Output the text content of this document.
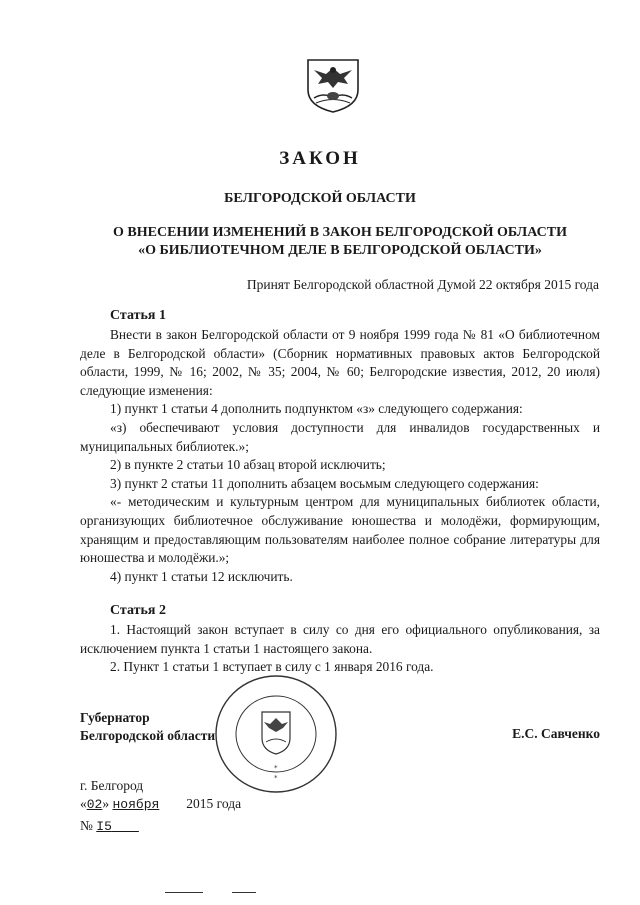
ЗАКОН
БЕЛГОРОДСКОЙ ОБЛАСТИ
О ВНЕСЕНИИ ИЗМЕНЕНИЙ В ЗАКОН БЕЛГОРОДСКОЙ ОБЛАСТИ
«О БИБЛИОТЕЧНОМ ДЕЛЕ В БЕЛГОРОДСКОЙ ОБЛАСТИ»
Принят Белгородской областной Думой 22 октября 2015 года
Статья 1

Внести в закон Белгородской области от 9 ноября 1999 года № 81 «О библиотечном деле в Белгородской области» (Сборник нормативных правовых актов Белгородской области, 1999, № 16; 2002, № 35; 2004, № 60; Белгородские известия, 2012, 20 июля) следующие изменения:

1) пункт 1 статьи 4 дополнить подпунктом «з» следующего содержания:

«з) обеспечивают условия доступности для инвалидов государственных и муниципальных библиотек.»;

2) в пункте 2 статьи 10 абзац второй исключить;

3) пункт 2 статьи 11 дополнить абзацем восьмым следующего содержания:

«- методическим и культурным центром для муниципальных библиотек области, организующих библиотечное обслуживание юношества и молодёжи, формирующим, хранящим и предоставляющим пользователям наиболее полное собрание литературы для юношества и молодёжи.»;

4) пункт 1 статьи 12 исключить.

Статья 2

1. Настоящий закон вступает в силу со дня его официального опубликования, за исключением пункта 1 статьи 1 настоящего закона.

2. Пункт 1 статьи 1 вступает в силу с 1 января 2016 года.

*
*
Губернатор
Белгородской области	Е.С. Савченко
г. Белгород
«02» ноября 2015 года
№ I5
